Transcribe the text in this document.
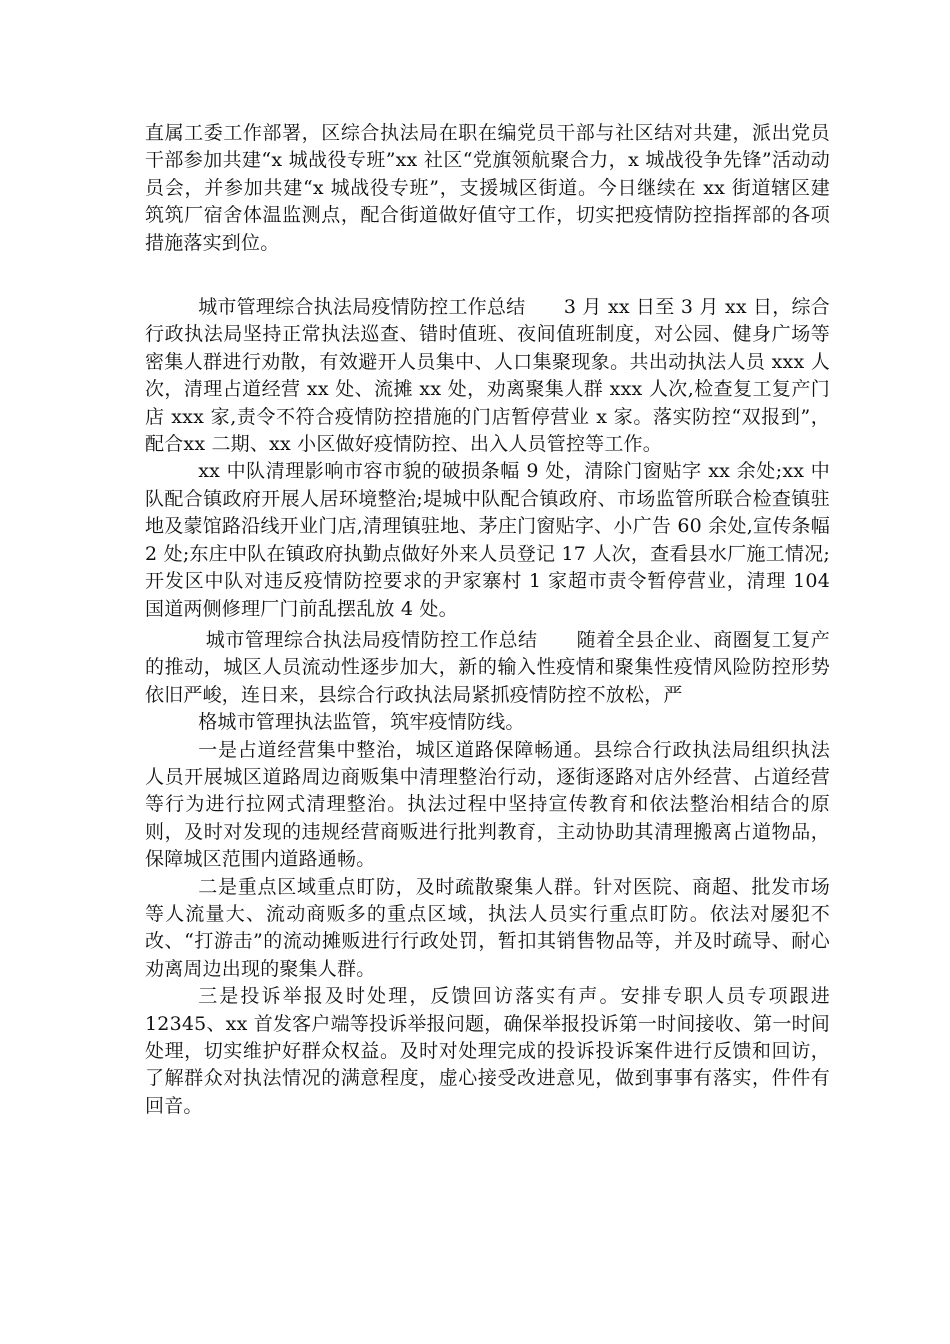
直属工委工作部署，区综合执法局在职在编党员干部与社区结对共建，派出党员干部参加共建“x 城战役专班”xx 社区“党旗领航聚合力，x 城战役争先锋”活动动员会，并参加共建“x 城战役专班”，支援城区街道。今日继续在 xx 街道辖区建筑筑厂宿舍体温监测点，配合街道做好值守工作，切实把疫情防控指挥部的各项措施落实到位。

城市管理综合执法局疫情防控工作总结　　3 月 xx 日至 3 月 xx 日，综合行政执法局坚持正常执法巡查、错时值班、夜间值班制度，对公园、健身广场等密集人群进行劝散，有效避开人员集中、人口集聚现象。共出动执法人员 xxx 人次，清理占道经营 xx 处、流摊 xx 处，劝离聚集人群 xxx 人次,检查复工复产门店 xxx 家,责令不符合疫情防控措施的门店暂停营业 x 家。落实防控“双报到”，配合xx 二期、xx 小区做好疫情防控、出入人员管控等工作。

xx 中队清理影响市容市貌的破损条幅 9 处，清除门窗贴字 xx 余处;xx 中队配合镇政府开展人居环境整治;堤城中队配合镇政府、市场监管所联合检查镇驻地及蒙馆路沿线开业门店,清理镇驻地、茅庄门窗贴字、小广告 60 余处,宣传条幅 2 处;东庄中队在镇政府执勤点做好外来人员登记 17 人次，查看县水厂施工情况;开发区中队对违反疫情防控要求的尹家寨村 1 家超市责令暂停营业，清理 104 国道两侧修理厂门前乱摆乱放 4 处。

城市管理综合执法局疫情防控工作总结　　随着全县企业、商圈复工复产的推动，城区人员流动性逐步加大，新的输入性疫情和聚集性疫情风险防控形势依旧严峻，连日来，县综合行政执法局紧抓疫情防控不放松，严

格城市管理执法监管，筑牢疫情防线。

一是占道经营集中整治，城区道路保障畅通。县综合行政执法局组织执法人员开展城区道路周边商贩集中清理整治行动，逐街逐路对店外经营、占道经营等行为进行拉网式清理整治。执法过程中坚持宣传教育和依法整治相结合的原则，及时对发现的违规经营商贩进行批判教育，主动协助其清理搬离占道物品，保障城区范围内道路通畅。

二是重点区域重点盯防，及时疏散聚集人群。针对医院、商超、批发市场等人流量大、流动商贩多的重点区域，执法人员实行重点盯防。依法对屡犯不改、“打游击”的流动摊贩进行行政处罚，暂扣其销售物品等，并及时疏导、耐心劝离周边出现的聚集人群。

三是投诉举报及时处理，反馈回访落实有声。安排专职人员专项跟进 12345、xx 首发客户端等投诉举报问题，确保举报投诉第一时间接收、第一时间处理，切实维护好群众权益。及时对处理完成的投诉投诉案件进行反馈和回访，了解群众对执法情况的满意程度，虚心接受改进意见，做到事事有落实，件件有回音。
